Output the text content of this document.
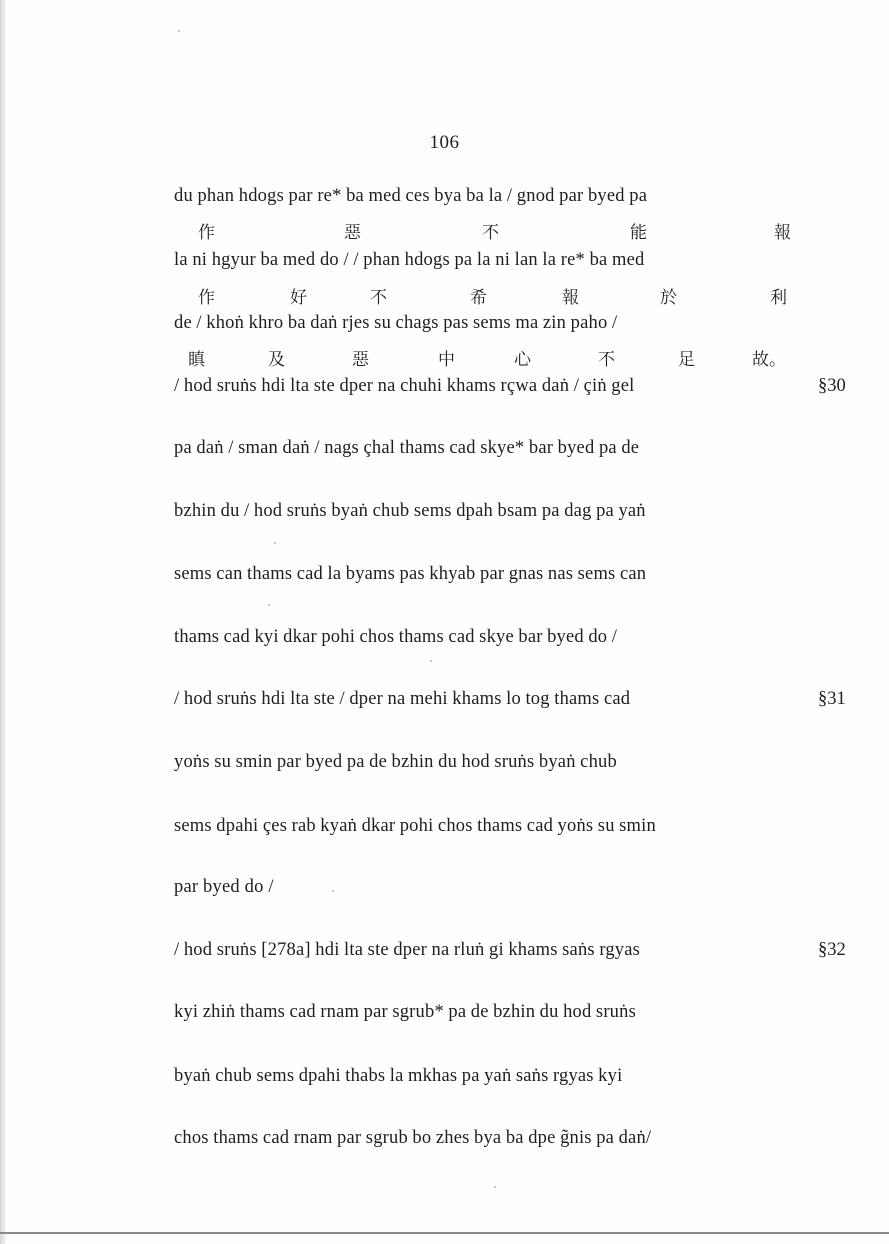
106
du phan hdogs par re* ba med ces bya ba la / gnod par byed pa
作	惡	不	能	報
la ni hgyur ba med do / / phan hdogs pa la ni lan la re* ba med
作	好	不	希	報	於	利
de / khoṅ khro ba daṅ rjes su chags pas sems ma zin paho /
瞋	及	惡	中	心	不	足	故。
/ hod sruṅs hdi lta ste dper na chuhi khams rçwa daṅ / çiṅ gel	§30
pa daṅ / sman daṅ / nags çhal thams cad skye* bar byed pa de
bzhin du / hod sruṅs byaṅ chub sems dpah bsam pa dag pa yaṅ
sems can thams cad la byams pas khyab par gnas nas sems can
thams cad kyi dkar pohi chos thams cad skye bar byed do /
/ hod sruṅs hdi lta ste / dper na mehi khams lo tog thams cad	§31
yoṅs su smin par byed pa de bzhin du hod sruṅs byaṅ chub
sems dpahi çes rab kyaṅ dkar pohi chos thams cad yoṅs su smin
par byed do /
/ hod sruṅs [278a] hdi lta ste dper na rluṅ gi khams saṅs rgyas	§32
kyi zhiṅ thams cad rnam par sgrub* pa de bzhin du hod sruṅs
byaṅ chub sems dpahi thabs la mkhas pa yaṅ saṅs rgyas kyi
chos thams cad rnam par sgrub bo zhes bya ba dpe g̃nis pa daṅ/
